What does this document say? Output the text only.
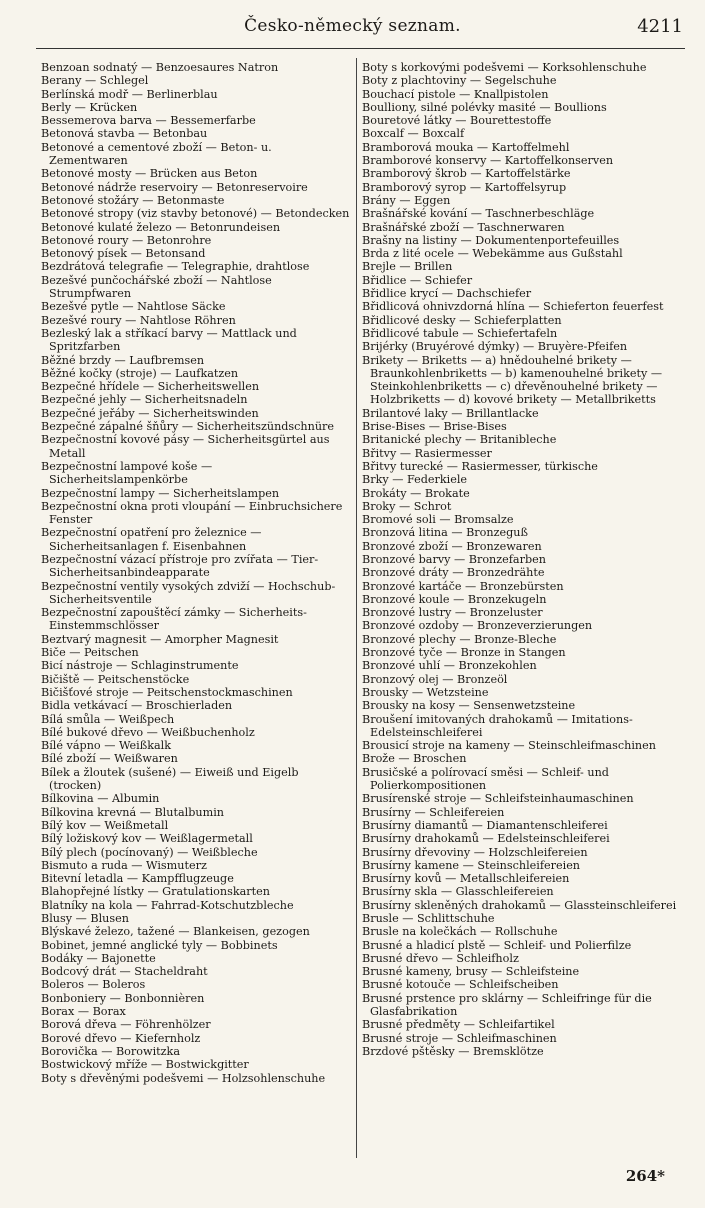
Česko-německý seznam.	4211

Benzoan sodnatý — Benzoesaures Natron

Berany — Schlegel

Berlínská modř — Berlinerblau

Berly — Krücken

Bessemerova barva — Bessemerfarbe

Betonová stavba — Betonbau

Betonové a cementové zboží — Beton- u. Zementwaren

Betonové mosty — Brücken aus Beton

Betonové nádrže reservoiry — Betonreservoire

Betonové stožáry — Betonmaste

Betonové stropy (viz stavby betonové) — Betondecken

Betonové kulaté železo — Betonrundeisen

Betonové roury — Betonrohre

Betonový písek — Betonsand

Bezdrátová telegrafie — Telegraphie, drahtlose

Bezešvé punčochářské zboží — Nahtlose Strumpfwaren

Bezešvé pytle — Nahtlose Säcke

Bezešvé roury — Nahtlose Röhren

Bezleský lak a stříkací barvy — Mattlack und Spritzfarben

Běžné brzdy — Laufbremsen

Běžné kočky (stroje) — Laufkatzen

Bezpečné hřídele — Sicherheitswellen

Bezpečné jehly — Sicherheitsnadeln

Bezpečné jeřáby — Sicherheitswinden

Bezpečné zápalné šňůry — Sicherheitszündschnüre

Bezpečnostní kovové pásy — Sicherheitsgürtel aus Metall

Bezpečnostní lampové koše — Sicherheitslampenkörbe

Bezpečnostní lampy — Sicherheitslampen

Bezpečnostní okna proti vloupání — Einbruchsichere Fenster

Bezpečnostní opatření pro železnice — Sicherheitsanlagen f. Eisenbahnen

Bezpečnostní vázací přístroje pro zvířata — Tier-Sicherheitsanbindeapparate

Bezpečnostní ventily vysokých zdviží — Hochschub-Sicherheitsventile

Bezpečnostní zapouštěcí zámky — Sicherheits-Einstemmschlösser

Beztvarý magnesit — Amorpher Magnesit

Biče — Peitschen

Bicí nástroje — Schlaginstrumente

Bičiště — Peitschenstöcke

Bičišťové stroje — Peitschenstockmaschinen

Bidla vetkávací — Broschierladen

Bílá smůla — Weißpech

Bílé bukové dřevo — Weißbuchenholz

Bílé vápno — Weißkalk

Bílé zboží — Weißwaren

Bílek a žloutek (sušené) — Eiweiß und Eigelb (trocken)

Bílkovina — Albumin

Bílkovina krevná — Blutalbumin

Bílý kov — Weißmetall

Bílý ložiskový kov — Weißlagermetall

Bílý plech (pocínovaný) — Weißbleche

Bismuto a ruda — Wismuterz

Bitevní letadla — Kampfflugzeuge

Blahopřejné lístky — Gratulationskarten

Blatníky na kola — Fahrrad-Kotschutzbleche

Blusy — Blusen

Blýskavé železo, tažené — Blankeisen, gezogen

Bobinet, jemné anglické tyly — Bobbinets

Bodáky — Bajonette

Bodcový drát — Stacheldraht

Boleros — Boleros

Bonboniery — Bonbonnièren

Borax — Borax

Borová dřeva — Föhrenhölzer

Borové dřevo — Kiefernholz

Borovička — Borowitzka

Bostwickový mříže — Bostwickgitter

Boty s dřevěnými podešvemi — Holzsohlenschuhe

Boty s korkovými podešvemi — Korksohlenschuhe

Boty z plachtoviny — Segelschuhe

Bouchací pistole — Knallpistolen

Boulliony, silné polévky masité — Boullions

Bouretové látky — Bourettestoffe

Boxcalf — Boxcalf

Bramborová mouka — Kartoffelmehl

Bramborové konservy — Kartoffelkonserven

Bramborový škrob — Kartoffelstärke

Bramborový syrop — Kartoffelsyrup

Brány — Eggen

Brašnářské kování — Taschnerbeschläge

Brašnářské zboží — Taschnerwaren

Brašny na listiny — Dokumentenportefeuilles

Brda z lité ocele — Webekämme aus Gußstahl

Brejle — Brillen

Břidlice — Schiefer

Břidlice krycí — Dachschiefer

Břidlicová ohnivzdorná hlína — Schieferton feuerfest

Břidlicové desky — Schieferplatten

Břidlicové tabule — Schiefertafeln

Brijérky (Bruyérové dýmky) — Bruyère-Pfeifen

Brikety — Briketts — a) hnědouhelné brikety — Braunkohlenbriketts — b) kamenouhelné brikety — Steinkohlenbriketts — c) dřevěnouhelné brikety — Holzbriketts — d) kovové brikety — Metallbriketts

Brilantové laky — Brillantlacke

Brise-Bises — Brise-Bises

Britanické plechy — Britanibleche

Břitvy — Rasiermesser

Břitvy turecké — Rasiermesser, türkische

Brky — Federkiele

Brokáty — Brokate

Broky — Schrot

Bromové soli — Bromsalze

Bronzová litina — Bronzeguß

Bronzové zboží — Bronzewaren

Bronzové barvy — Bronzefarben

Bronzové dráty — Bronzedrähte

Bronzové kartáče — Bronzebürsten

Bronzové koule — Bronzekugeln

Bronzové lustry — Bronzeluster

Bronzové ozdoby — Bronzeverzierungen

Bronzové plechy — Bronze-Bleche

Bronzové tyče — Bronze in Stangen

Bronzové uhlí — Bronzekohlen

Bronzový olej — Bronzeöl

Brousky — Wetzsteine

Brousky na kosy — Sensenwetzsteine

Broušení imitovaných drahokamů — Imitations-Edelsteinschleiferei

Brousicí stroje na kameny — Steinschleifmaschinen

Brože — Broschen

Brusičské a polírovací směsi — Schleif- und Polierkompositionen

Brusírenské stroje — Schleifsteinhaumaschinen

Brusírny — Schleifereien

Brusírny diamantů — Diamantenschleiferei

Brusírny drahokamů — Edelsteinschleiferei

Brusírny dřevoviny — Holzschleifereien

Brusírny kamene — Steinschleifereien

Brusírny kovů — Metallschleifereien

Brusírny skla — Glasschleifereien

Brusírny skleněných drahokamů — Glassteinschleiferei

Brusle — Schlittschuhe

Brusle na kolečkách — Rollschuhe

Brusné a hladicí plstě — Schleif- und Polierfilze

Brusné dřevo — Schleifholz

Brusné kameny, brusy — Schleifsteine

Brusné kotouče — Schleifscheiben

Brusné prstence pro sklárny — Schleifringe für die Glasfabrikation

Brusné předměty — Schleifartikel

Brusné stroje — Schleifmaschinen

Brzdové pštěsky — Bremsklötze

264*
